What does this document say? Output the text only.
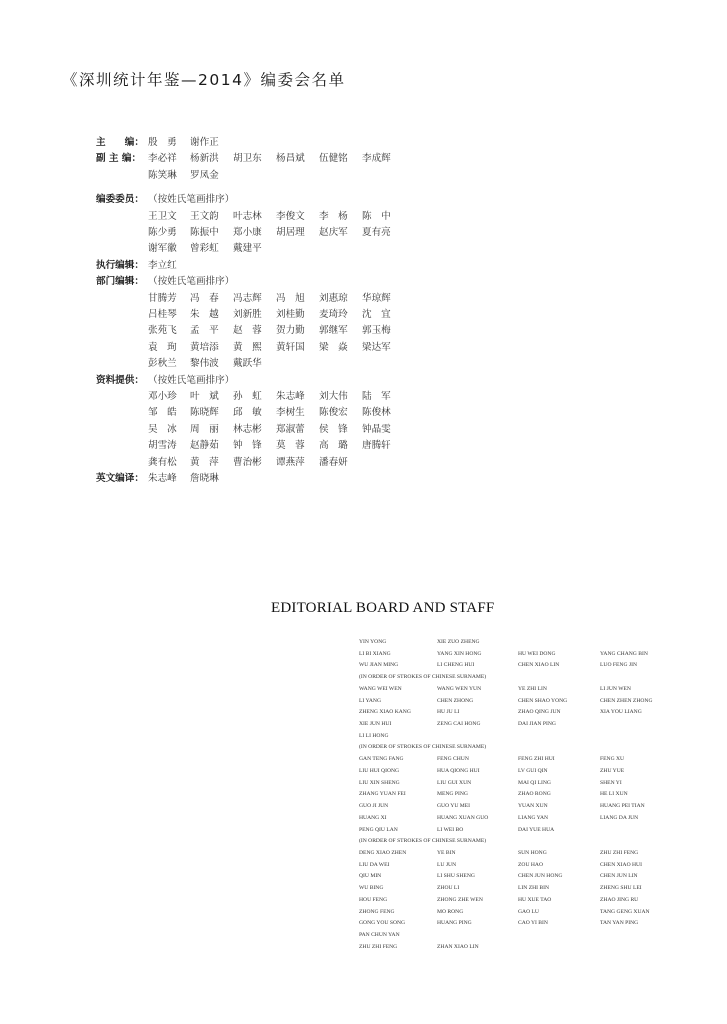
《深圳统计年鉴—2014》编委会名单
主　　编： 殷　勇 谢作正
副 主 编： 李必祥 杨新洪 胡卫东 杨昌斌 伍健铭 李成辉
陈笑琳 罗凤金
编委委员： （按姓氏笔画排序）
王卫文 王文韵 叶志林 李俊文 李　杨 陈　中
陈少勇 陈振中 郑小康 胡居理 赵庆军 夏有亮
谢军徽 曾彩虹 戴建平
执行编辑： 李立红
部门编辑： （按姓氏笔画排序）
甘腾芳 冯　春 冯志辉 冯　旭 刘惠琼 华琼辉
吕桂琴 朱　越 刘新胜 刘桂勤 麦琦玲 沈　宜
张苑飞 孟　平 赵　蓉 贺力勤 郭继军 郭玉梅
袁　珣 黄培添 黄　熙 黄轩国 梁　焱 梁达军
彭秋兰 黎伟波 戴跃华
资料提供： （按姓氏笔画排序）
邓小珍 叶　斌 孙　虹 朱志峰 刘大伟 陆　军
邹　皓 陈晓辉 邱　敏 李树生 陈俊宏 陈俊林
吴　冰 周　丽 林志彬 郑淑蕾 侯　锋 钟晶雯
胡雪涛 赵静茹 钟　锋 莫　蓉 高　璐 唐腾轩
龚有松 黄　萍 曹治彬 谭燕萍 潘春妍
英文编译： 朱志峰 詹晓琳
EDITORIAL BOARD AND STAFF
YIN YONG	XIE ZUO ZHENG
LI BI XIANG	YANG XIN HONG	HU WEI DONG	YANG CHANG BIN
WU JIAN MING	LI CHENG HUI	CHEN XIAO LIN	LUO FENG JIN
(IN ORDER OF STROKES OF CHINESE SURNAME)
WANG WEI WEN	WANG WEN YUN	YE ZHI LIN	LI JUN WEN
LI YANG	CHEN ZHONG	CHEN SHAO YONG	CHEN ZHEN ZHONG
ZHENG XIAO KANG	HU JU LI	ZHAO QING JUN	XIA YOU LIANG
XIE JUN HUI	ZENG CAI HONG	DAI JIAN PING
LI LI HONG
(IN ORDER OF STROKES OF CHINESE SURNAME)
GAN TENG FANG	FENG CHUN	FENG ZHI HUI	FENG XU
LIU HUI QIONG	HUA QIONG HUI	LV GUI QIN	ZHU YUE
LIU XIN SHENG	LIU GUI XUN	MAI QI LING	SHEN YI
ZHANG YUAN FEI	MENG PING	ZHAO RONG	HE LI XUN
GUO JI JUN	GUO YU MEI	YUAN XUN	HUANG PEI TIAN
HUANG XI	HUANG XUAN GUO	LIANG YAN	LIANG DA JUN
PENG QIU LAN	LI WEI BO	DAI YUE HUA
(IN ORDER OF STROKES OF CHINESE SURNAME)
DENG XIAO ZHEN	YE BIN	SUN HONG	ZHU ZHI FENG
LIU DA WEI	LU JUN	ZOU HAO	CHEN XIAO HUI
QIU MIN	LI SHU SHENG	CHEN JUN HONG	CHEN JUN LIN
WU BING	ZHOU LI	LIN ZHI BIN	ZHENG SHU LEI
HOU FENG	ZHONG ZHE WEN	HU XUE TAO	ZHAO JING RU
ZHONG FENG	MO RONG	GAO LU	TANG GENG XUAN
GONG YOU SONG	HUANG PING	CAO YI BIN	TAN YAN PING
PAN CHUN YAN
ZHU ZHI FENG	ZHAN XIAO LIN
